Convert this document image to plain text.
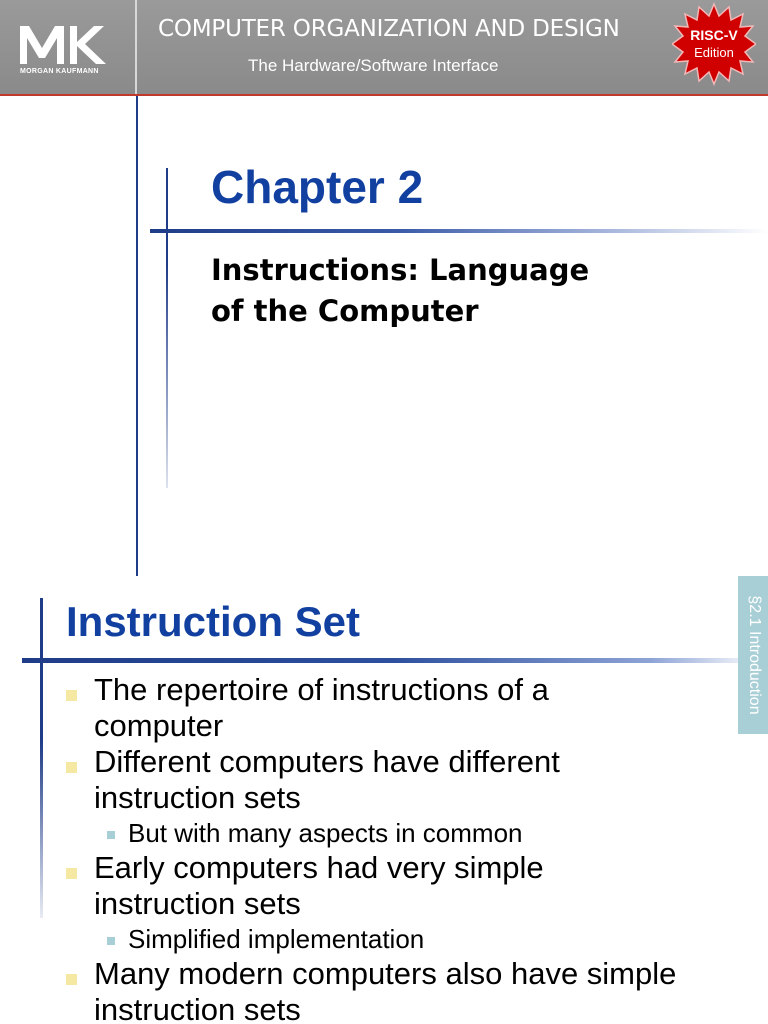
MORGAN KAUFMANN
COMPUTER ORGANIZATION AND DESIGN
The Hardware/Software Interface
RISC-V
Edition
Chapter 2
Instructions: Language
of the Computer
Instruction Set	§2.1 Introduction
The repertoire of instructions of a
computer
Different computers have different
instruction sets
But with many aspects in common
Early computers had very simple
instruction sets
Simplified implementation
Many modern computers also have simple
instruction sets
